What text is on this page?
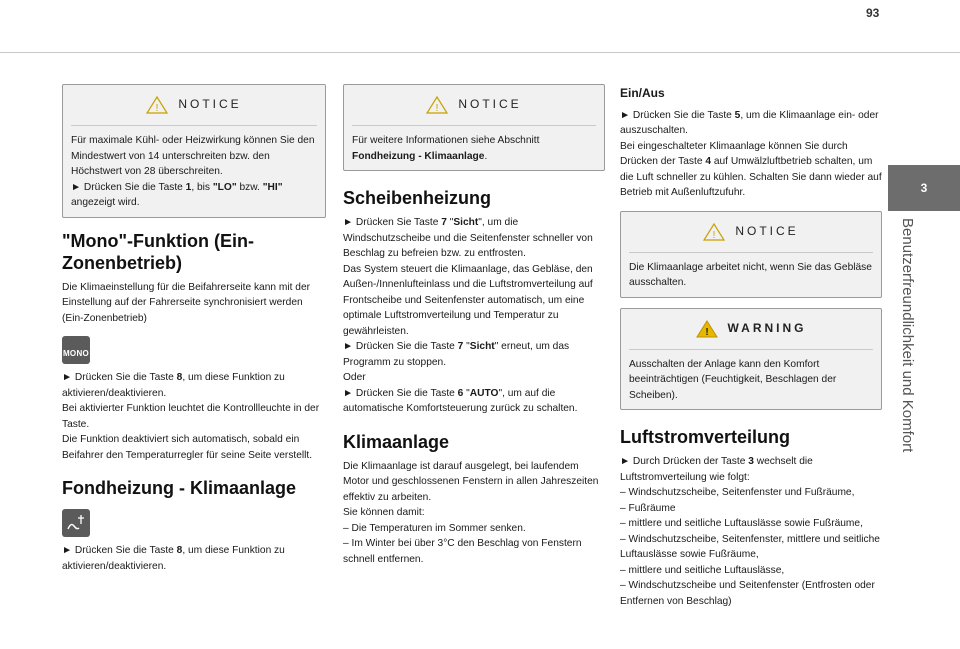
93
3
Benutzerfreundlichkeit und Komfort
! NOTICE

Für maximale Kühl- oder Heizwirkung können Sie den Mindestwert von 14 unterschreiten bzw. den Höchstwert von 28 überschreiten.

► Drücken Sie die Taste 1, bis "LO" bzw. "HI" angezeigt wird.

"Mono"-Funktion (Ein-Zonenbetrieb)

Die Klimaeinstellung für die Beifahrerseite kann mit der Einstellung auf der Fahrerseite synchronisiert werden (Ein-Zonenbetrieb)

MONO

► Drücken Sie die Taste 8, um diese Funktion zu aktivieren/deaktivieren.

Bei aktivierter Funktion leuchtet die Kontrollleuchte in der Taste.

Die Funktion deaktiviert sich automatisch, sobald ein Beifahrer den Temperaturregler für seine Seite verstellt.

Fondheizung - Klimaanlage

► Drücken Sie die Taste 8, um diese Funktion zu aktivieren/deaktivieren.

! NOTICE

Für weitere Informationen siehe Abschnitt Fondheizung - Klimaanlage.

Scheibenheizung

► Drücken Sie Taste 7 "Sicht", um die Windschutzscheibe und die Seitenfenster schneller von Beschlag zu befreien bzw. zu entfrosten.

Das System steuert die Klimaanlage, das Gebläse, den Außen-/Innenlufteinlass und die Luftstromverteilung auf Frontscheibe und Seitenfenster automatisch, um eine optimale Luftstromverteilung und Temperatur zu gewährleisten.

► Drücken Sie die Taste 7 "Sicht" erneut, um das Programm zu stoppen.

Oder

► Drücken Sie die Taste 6 "AUTO", um auf die automatische Komfortsteuerung zurück zu schalten.

Klimaanlage

Die Klimaanlage ist darauf ausgelegt, bei laufendem Motor und geschlossenen Fenstern in allen Jahreszeiten effektiv zu arbeiten.

Sie können damit:

– Die Temperaturen im Sommer senken.

– Im Winter bei über 3°C den Beschlag von Fenstern schnell entfernen.

Ein/Aus

► Drücken Sie die Taste 5, um die Klimaanlage ein- oder auszuschalten.

Bei eingeschalteter Klimaanlage können Sie durch Drücken der Taste 4 auf Umwälzluftbetrieb schalten, um die Luft schneller zu kühlen. Schalten Sie dann wieder auf Betrieb mit Außenluftzufuhr.

! NOTICE

Die Klimaanlage arbeitet nicht, wenn Sie das Gebläse ausschalten.

! WARNING

Ausschalten der Anlage kann den Komfort beeinträchtigen (Feuchtigkeit, Beschlagen der Scheiben).

Luftstromverteilung

► Durch Drücken der Taste 3 wechselt die Luftstromverteilung wie folgt:

– Windschutzscheibe, Seitenfenster und Fußräume,

– Fußräume

– mittlere und seitliche Luftauslässe sowie Fußräume,

– Windschutzscheibe, Seitenfenster, mittlere und seitliche Luftauslässe sowie Fußräume,

– mittlere und seitliche Luftauslässe,

– Windschutzscheibe und Seitenfenster (Entfrosten oder Entfernen von Beschlag)
